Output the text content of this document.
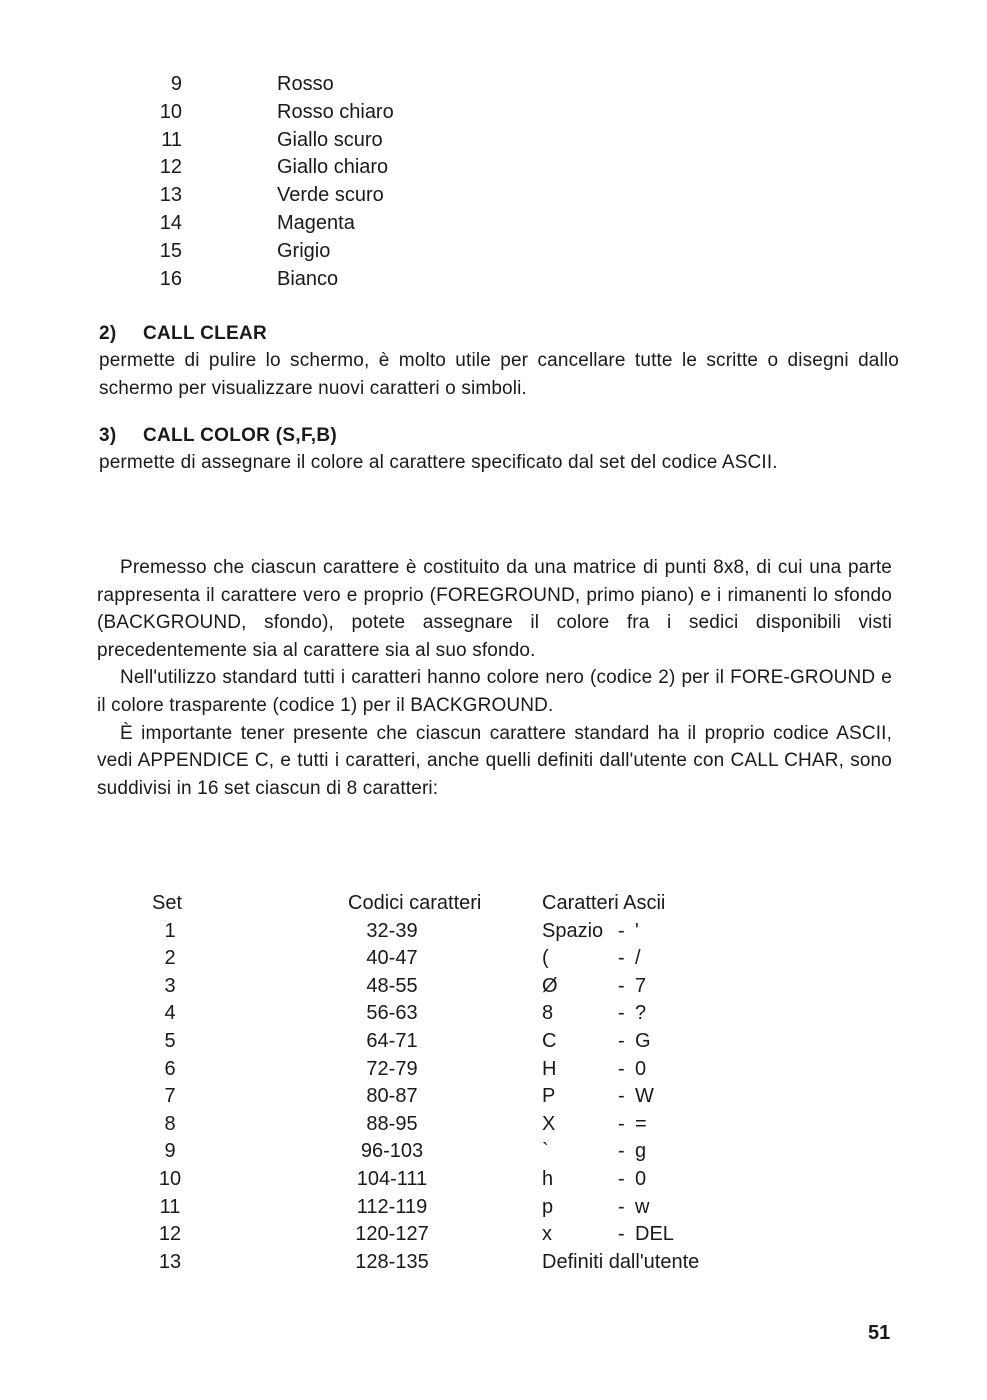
9	Rosso
10	Rosso chiaro
11	Giallo scuro
12	Giallo chiaro
13	Verde scuro
14	Magenta
15	Grigio
16	Bianco
2) CALL CLEAR
permette di pulire lo schermo, è molto utile per cancellare tutte le scritte o disegni dallo schermo per visualizzare nuovi caratteri o simboli.
3) CALL COLOR (S,F,B)
permette di assegnare il colore al carattere specificato dal set del codice ASCII.

Premesso che ciascun carattere è costituito da una matrice di punti 8x8, di cui una parte rappresenta il carattere vero e proprio (FOREGROUND, primo piano) e i rimanenti lo sfondo (BACKGROUND, sfondo), potete assegnare il colore fra i sedici disponibili visti precedentemente sia al carattere sia al suo sfondo.

Nell'utilizzo standard tutti i caratteri hanno colore nero (codice 2) per il FORE-GROUND e il colore trasparente (codice 1) per il BACKGROUND.

È importante tener presente che ciascun carattere standard ha il proprio codice ASCII, vedi APPENDICE C, e tutti i caratteri, anche quelli definiti dall'utente con CALL CHAR, sono suddivisi in 16 set ciascun di 8 caratteri:

Set	Codici caratteri	Caratteri Ascii
1	32-39	Spazio - '
2	40-47	(	- /
3	48-55	Ø	- 7
4	56-63	8	- ?
5	64-71	C	- G
6	72-79	H	- 0
7	80-87	P	- W
8	88-95	X	- =
9	96-103	`	- g
10	104-111	h	- 0
11	112-119	p	- w
12	120-127	x	- DEL
13	128-135	Definiti dall'utente
51
